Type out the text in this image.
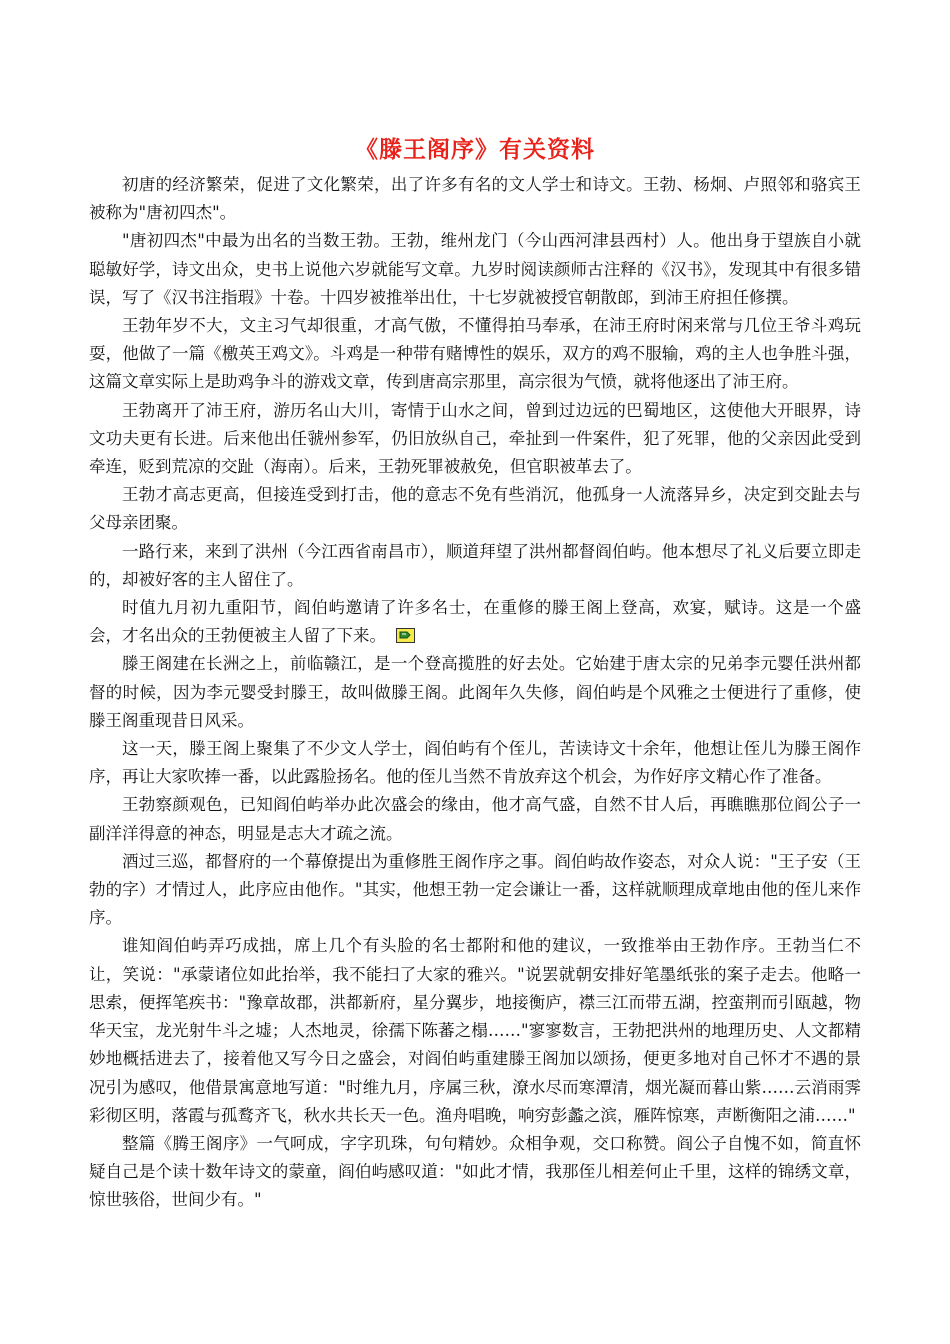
《滕王阁序》有关资料

初唐的经济繁荣，促进了文化繁荣，出了许多有名的文人学士和诗文。王勃、杨炯、卢照邻和骆宾王被称为"唐初四杰"。

"唐初四杰"中最为出名的当数王勃。王勃，维州龙门（今山西河津县西村）人。他出身于望族自小就聪敏好学，诗文出众，史书上说他六岁就能写文章。九岁时阅读颜师古注释的《汉书》，发现其中有很多错误，写了《汉书注指瑕》十卷。十四岁被推举出仕，十七岁就被授官朝散郎，到沛王府担任修撰。

王勃年岁不大，文主习气却很重，才高气傲，不懂得拍马奉承，在沛王府时闲来常与几位王爷斗鸡玩耍，他做了一篇《檄英王鸡文》。斗鸡是一种带有赌博性的娱乐，双方的鸡不服输，鸡的主人也争胜斗强，这篇文章实际上是助鸡争斗的游戏文章，传到唐高宗那里，高宗很为气愤，就将他逐出了沛王府。

王勃离开了沛王府，游历名山大川，寄情于山水之间，曾到过边远的巴蜀地区，这使他大开眼界，诗文功夫更有长进。后来他出任虢州参军，仍旧放纵自己，牵扯到一件案件，犯了死罪，他的父亲因此受到牵连，贬到荒凉的交趾（海南）。后来，王勃死罪被赦免，但官职被革去了。

王勃才高志更高，但接连受到打击，他的意志不免有些消沉，他孤身一人流落异乡，决定到交趾去与父母亲团聚。

一路行来，来到了洪州（今江西省南昌市），顺道拜望了洪州都督阎伯屿。他本想尽了礼义后要立即走的，却被好客的主人留住了。

时值九月初九重阳节，阎伯屿邀请了许多名士，在重修的滕王阁上登高，欢宴，赋诗。这是一个盛会，才名出众的王勃便被主人留了下来。

滕王阁建在长洲之上，前临赣江，是一个登高揽胜的好去处。它始建于唐太宗的兄弟李元婴任洪州都督的时候，因为李元婴受封滕王，故叫做滕王阁。此阁年久失修，阎伯屿是个风雅之士便进行了重修，使滕王阁重现昔日风采。

这一天，滕王阁上聚集了不少文人学士，阎伯屿有个侄儿，苦读诗文十余年，他想让侄儿为滕王阁作序，再让大家吹捧一番，以此露脸扬名。他的侄儿当然不肯放弃这个机会，为作好序文精心作了准备。

王勃察颜观色，已知阎伯屿举办此次盛会的缘由，他才高气盛，自然不甘人后，再瞧瞧那位阎公子一副洋洋得意的神态，明显是志大才疏之流。

酒过三巡，都督府的一个幕僚提出为重修胜王阁作序之事。阎伯屿故作姿态，对众人说："王子安（王勃的字）才情过人，此序应由他作。"其实，他想王勃一定会谦让一番，这样就顺理成章地由他的侄儿来作序。

谁知阎伯屿弄巧成拙，席上几个有头脸的名士都附和他的建议，一致推举由王勃作序。王勃当仁不让，笑说："承蒙诸位如此抬举，我不能扫了大家的雅兴。"说罢就朝安排好笔墨纸张的案子走去。他略一思索，便挥笔疾书："豫章故郡，洪都新府，星分翼步，地接衡庐，襟三江而带五湖，控蛮荆而引瓯越，物华天宝，龙光射牛斗之墟；人杰地灵，徐孺下陈蕃之榻……"寥寥数言，王勃把洪州的地理历史、人文都精妙地概括进去了，接着他又写今日之盛会，对阎伯屿重建滕王阁加以颂扬，便更多地对自己怀才不遇的景况引为感叹，他借景寓意地写道："时维九月，序属三秋，潦水尽而寒潭清，烟光凝而暮山紫……云消雨霁彩彻区明，落霞与孤鹜齐飞，秋水共长天一色。渔舟唱晚，响穷彭蠡之滨，雁阵惊寒，声断衡阳之浦……"

整篇《腾王阁序》一气呵成，字字玑珠，句句精妙。众相争观，交口称赞。阎公子自愧不如，简直怀疑自己是个读十数年诗文的蒙童，阎伯屿感叹道："如此才情，我那侄儿相差何止千里，这样的锦绣文章，惊世骇俗，世间少有。"
